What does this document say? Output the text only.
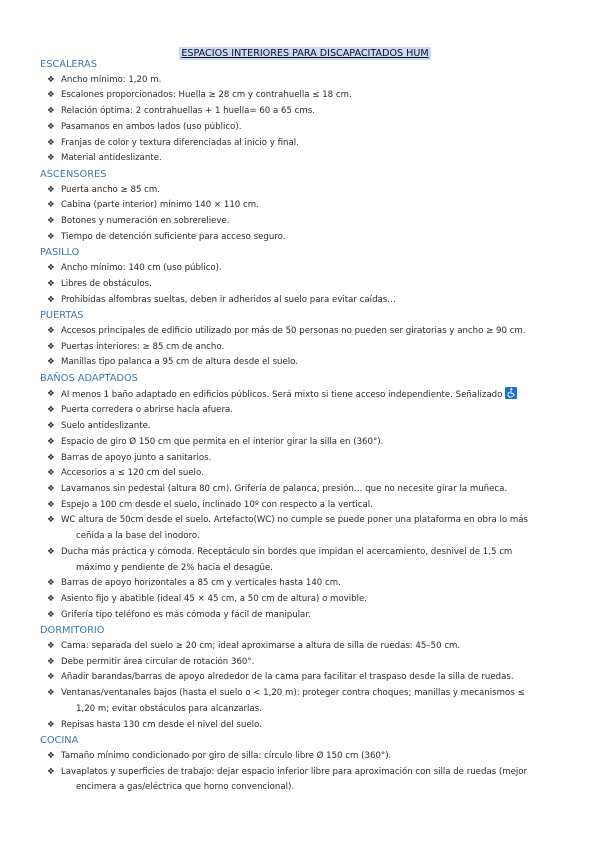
ESPACIOS INTERIORES PARA DISCAPACITADOS HUM
ESCALERAS
❖ Ancho mínimo: 1,20 m.
❖ Escalones proporcionados: Huella ≥ 28 cm y contrahuella ≤ 18 cm.
❖ Relación óptima: 2 contrahuellas + 1 huella= 60 a 65 cms.
❖ Pasamanos en ambos lados (uso público).
❖ Franjas de color y textura diferenciadas al inicio y final.
❖ Material antideslizante.
ASCENSORES
❖ Puerta ancho ≥ 85 cm.
❖ Cabina (parte interior) mínimo 140 × 110 cm.
❖ Botones y numeración en sobrerelieve.
❖ Tiempo de detención suficiente para acceso seguro.
PASILLO
❖ Ancho mínimo: 140 cm (uso público).
❖ Libres de obstáculos.
❖ Prohibidas alfombras sueltas, deben ir adheridos al suelo para evitar caídas…
PUERTAS
❖ Accesos principales de edificio utilizado por más de 50 personas no pueden ser giratorias y ancho ≥ 90 cm.
❖ Puertas interiores: ≥ 85 cm de ancho.
❖ Manillas tipo palanca a 95 cm de altura desde el suelo.
BAÑOS ADAPTADOS
❖ Al menos 1 baño adaptado en edificios públicos. Será mixto si tiene acceso independiente. Señalizado
❖ Puerta corredera o abrirse hacia afuera.
❖ Suelo antideslizante.
❖ Espacio de giro Ø 150 cm que permita en el interior girar la silla en (360°).
❖ Barras de apoyo junto a sanitarios.
❖ Accesorios a ≤ 120 cm del suelo.
❖ Lavamanos sin pedestal (altura 80 cm). Grifería de palanca, presión… que no necesite girar la muñeca.
❖ Espejo a 100 cm desde el suelo, inclinado 10º con respecto a la vertical.
❖ WC altura de 50cm desde el suelo. Artefacto(WC) no cumple se puede poner una plataforma en obra lo más
ceñida a la base del inodoro.
❖ Ducha más práctica y cómoda. Receptáculo sin bordes que impidan el acercamiento, desnivel de 1,5 cm
máximo y pendiente de 2% hacia el desagüe.
❖ Barras de apoyo horizontales a 85 cm y verticales hasta 140 cm.
❖ Asiento fijo y abatible (ideal 45 × 45 cm, a 50 cm de altura) o movible.
❖ Grifería tipo teléfono es más cómoda y fácil de manipular.
DORMITORIO
❖ Cama: separada del suelo ≥ 20 cm; ideal aproximarse a altura de silla de ruedas: 45–50 cm.
❖ Debe permitir área circular de rotación 360°.
❖ Añadir barandas/barras de apoyo alrededor de la cama para facilitar el traspaso desde la silla de ruedas.
❖ Ventanas/ventanales bajos (hasta el suelo o < 1,20 m): proteger contra choques; manillas y mecanismos ≤
1,20 m; evitar obstáculos para alcanzarlas.
❖ Repisas hasta 130 cm desde el nivel del suelo.
COCINA
❖ Tamaño mínimo condicionado por giro de silla: círculo libre Ø 150 cm (360°).
❖ Lavaplatos y superficies de trabajo: dejar espacio inferior libre para aproximación con silla de ruedas (mejor
encimera a gas/eléctrica que horno convencional).
